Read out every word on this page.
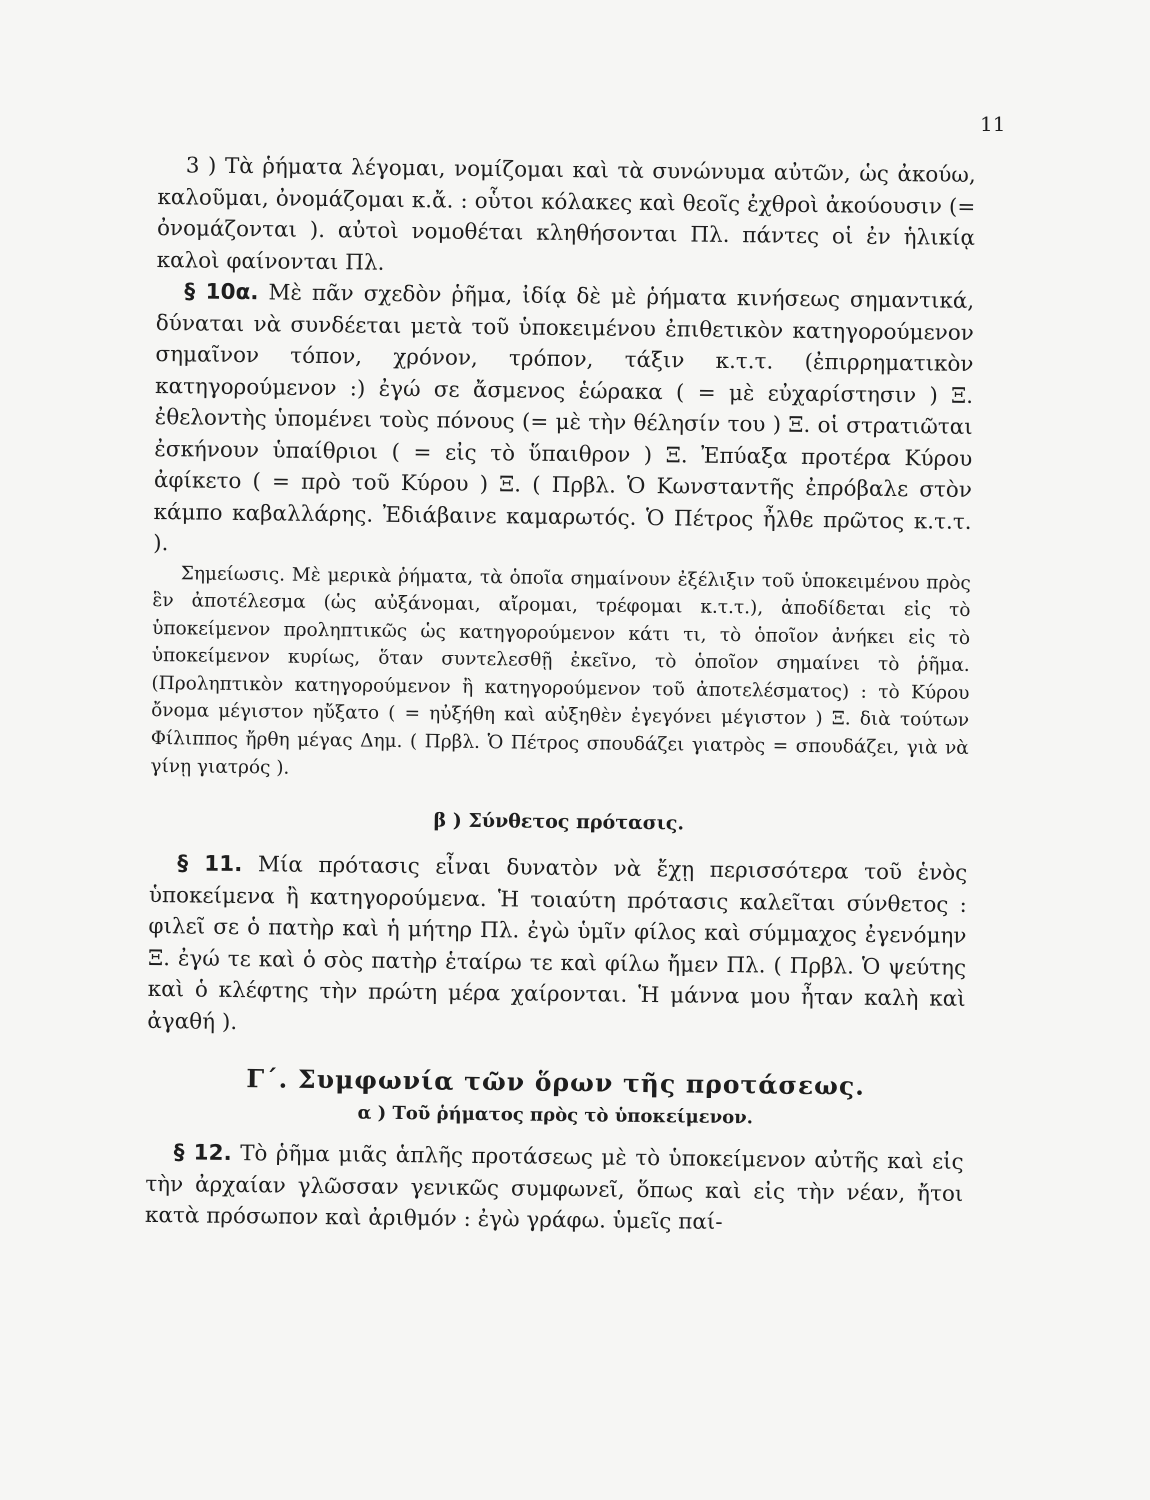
11

3 ) Τὰ ῥήματα λέγομαι, νομίζομαι καὶ τὰ συνώνυμα αὐτῶν, ὡς ἀκούω, καλοῦμαι, ὀνομάζομαι κ.ἄ. : οὗτοι κόλακες καὶ θεοῖς ἐχθροὶ ἀκούουσιν (= ὀνομάζονται ). αὐτοὶ νομοθέται κληθήσονται Πλ. πάντες οἱ ἐν ἡλικίᾳ καλοὶ φαίνονται Πλ.

§ 10α. Μὲ πᾶν σχεδὸν ῥῆμα, ἰδίᾳ δὲ μὲ ῥήματα κινήσεως σημαντικά, δύναται νὰ συνδέεται μετὰ τοῦ ὑποκειμένου ἐπιθετικὸν κατηγορούμενον σημαῖνον τόπον, χρόνον, τρόπον, τάξιν κ.τ.τ. (ἐπιρρηματικὸν κατηγορούμενον :) ἐγώ σε ἄσμενος ἑώρακα ( = μὲ εὐχαρίστησιν ) Ξ. ἐθελοντὴς ὑπομένει τοὺς πόνους (= μὲ τὴν θέλησίν του ) Ξ. οἱ στρατιῶται ἐσκήνουν ὑπαίθριοι ( = εἰς τὸ ὕπαιθρον ) Ξ. Ἐπύαξα προτέρα Κύρου ἀφίκετο ( = πρὸ τοῦ Κύρου ) Ξ. ( Πρβλ. Ὁ Κωνσταντῆς ἐπρόβαλε στὸν κάμπο καβαλλάρης. Ἐδιάβαινε καμαρωτός. Ὁ Πέτρος ἦλθε πρῶτος κ.τ.τ. ).

Σημείωσις. Μὲ μερικὰ ῥήματα, τὰ ὁποῖα σημαίνουν ἐξέλιξιν τοῦ ὑποκειμένου πρὸς ἓν ἀποτέλεσμα (ὡς αὐξάνομαι, αἴρομαι, τρέφομαι κ.τ.τ.), ἀποδίδεται εἰς τὸ ὑποκείμενον προληπτικῶς ὡς κατηγορούμενον κάτι τι, τὸ ὁποῖον ἀνήκει εἰς τὸ ὑποκείμενον κυρίως, ὅταν συντελεσθῇ ἐκεῖνο, τὸ ὁποῖον σημαίνει τὸ ῥῆμα. (Προληπτικὸν κατηγορούμενον ἢ κατηγορούμενον τοῦ ἀποτελέσματος) : τὸ Κύρου ὄνομα μέγιστον ηὔξατο ( = ηὐξήθη καὶ αὐξηθὲν ἐγεγόνει μέγιστον ) Ξ. διὰ τούτων Φίλιππος ἤρθη μέγας Δημ. ( Πρβλ. Ὁ Πέτρος σπουδάζει γιατρὸς = σπουδάζει, γιὰ νὰ γίνῃ γιατρός ).

β ) Σύνθετος πρότασις.

§ 11. Μία πρότασις εἶναι δυνατὸν νὰ ἔχῃ περισσότερα τοῦ ἑνὸς ὑποκείμενα ἢ κατηγορούμενα. Ἡ τοιαύτη πρότασις καλεῖται σύνθετος : φιλεῖ σε ὁ πατὴρ καὶ ἡ μήτηρ Πλ. ἐγὼ ὑμῖν φίλος καὶ σύμμαχος ἐγενόμην Ξ. ἐγώ τε καὶ ὁ σὸς πατὴρ ἑταίρω τε καὶ φίλω ἤμεν Πλ. ( Πρβλ. Ὁ ψεύτης καὶ ὁ κλέφτης τὴν πρώτη μέρα χαίρονται. Ἡ μάννα μου ἦταν καλὴ καὶ ἀγαθή ).

Γ΄. Συμφωνία τῶν ὅρων τῆς προτάσεως.
α ) Τοῦ ῥήματος πρὸς τὸ ὑποκείμενον.

§ 12. Τὸ ῥῆμα μιᾶς ἁπλῆς προτάσεως μὲ τὸ ὑποκείμενον αὐτῆς καὶ εἰς τὴν ἀρχαίαν γλῶσσαν γενικῶς συμφωνεῖ, ὅπως καὶ εἰς τὴν νέαν, ἤτοι κατὰ πρόσωπον καὶ ἀριθμόν : ἐγὼ γράφω. ὑμεῖς παί-
